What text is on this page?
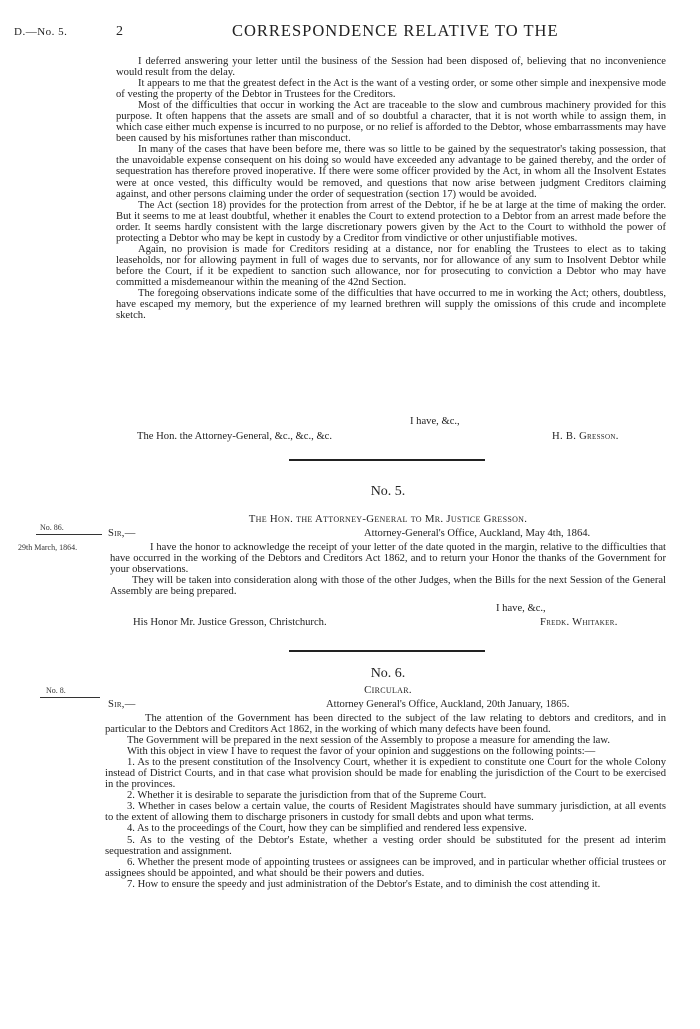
D.—No. 5.	2	CORRESPONDENCE RELATIVE TO THE

I deferred answering your letter until the business of the Session had been disposed of, believing that no inconvenience would result from the delay.

It appears to me that the greatest defect in the Act is the want of a vesting order, or some other simple and inexpensive mode of vesting the property of the Debtor in Trustees for the Creditors.

Most of the difficulties that occur in working the Act are traceable to the slow and cumbrous machinery provided for this purpose. It often happens that the assets are small and of so doubtful a character, that it is not worth while to assign them, in which case either much expense is incurred to no purpose, or no relief is afforded to the Debtor, whose embarrassments may have been caused by his misfortunes rather than misconduct.

In many of the cases that have been before me, there was so little to be gained by the sequestrator's taking possession, that the unavoidable expense consequent on his doing so would have exceeded any advantage to be gained thereby, and the order of sequestration has therefore proved inoperative. If there were some officer provided by the Act, in whom all the Insolvent Estates were at once vested, this difficulty would be removed, and questions that now arise between judgment Creditors claiming against, and other persons claiming under the order of sequestration (section 17) would be avoided.

The Act (section 18) provides for the protection from arrest of the Debtor, if he be at large at the time of making the order. But it seems to me at least doubtful, whether it enables the Court to extend protection to a Debtor from an arrest made before the order. It seems hardly consistent with the large discretionary powers given by the Act to the Court to withhold the power of protecting a Debtor who may be kept in custody by a Creditor from vindictive or other unjustifiable motives.

Again, no provision is made for Creditors residing at a distance, nor for enabling the Trustees to elect as to taking leaseholds, nor for allowing payment in full of wages due to servants, nor for allowance of any sum to Insolvent Debtor while before the Court, if it be expedient to sanction such allowance, nor for prosecuting to conviction a Debtor who may have committed a misdemeanour within the meaning of the 42nd Section.

The foregoing observations indicate some of the difficulties that have occurred to me in working the Act; others, doubtless, have escaped my memory, but the experience of my learned brethren will supply the omissions of this crude and incomplete sketch.

I have, &c.,
The Hon. the Attorney-General, &c., &c., &c.	H. B. Gresson.
No. 5.
The Hon. the Attorney-General to Mr. Justice Gresson.
No. 86.
29th March, 1864.
Sir,—	Attorney-General's Office, Auckland, May 4th, 1864.

I have the honor to acknowledge the receipt of your letter of the date quoted in the margin, relative to the difficulties that have occurred in the working of the Debtors and Creditors Act 1862, and to return your Honor the thanks of the Government for your observations.

They will be taken into consideration along with those of the other Judges, when the Bills for the next Session of the General Assembly are being prepared.

I have, &c.,
His Honor Mr. Justice Gresson, Christchurch.	Fredk. Whitaker.
No. 6.
Circular.
No. 8.
Sir,—	Attorney General's Office, Auckland, 20th January, 1865.

The attention of the Government has been directed to the subject of the law relating to debtors and creditors, and in particular to the Debtors and Creditors Act 1862, in the working of which many defects have been found.

The Government will be prepared in the next session of the Assembly to propose a measure for amending the law.

With this object in view I have to request the favor of your opinion and suggestions on the following points:—

1. As to the present constitution of the Insolvency Court, whether it is expedient to constitute one Court for the whole Colony instead of District Courts, and in that case what provision should be made for enabling the jurisdiction of the Court to be exercised in the provinces.

2. Whether it is desirable to separate the jurisdiction from that of the Supreme Court.

3. Whether in cases below a certain value, the courts of Resident Magistrates should have summary jurisdiction, at all events to the extent of allowing them to discharge prisoners in custody for small debts and upon what terms.

4. As to the proceedings of the Court, how they can be simplified and rendered less expensive.

5. As to the vesting of the Debtor's Estate, whether a vesting order should be substituted for the present ad interim sequestration and assignment.

6. Whether the present mode of appointing trustees or assignees can be improved, and in particular whether official trustees or assignees should be appointed, and what should be their powers and duties.

7. How to ensure the speedy and just administration of the Debtor's Estate, and to diminish the cost attending it.
